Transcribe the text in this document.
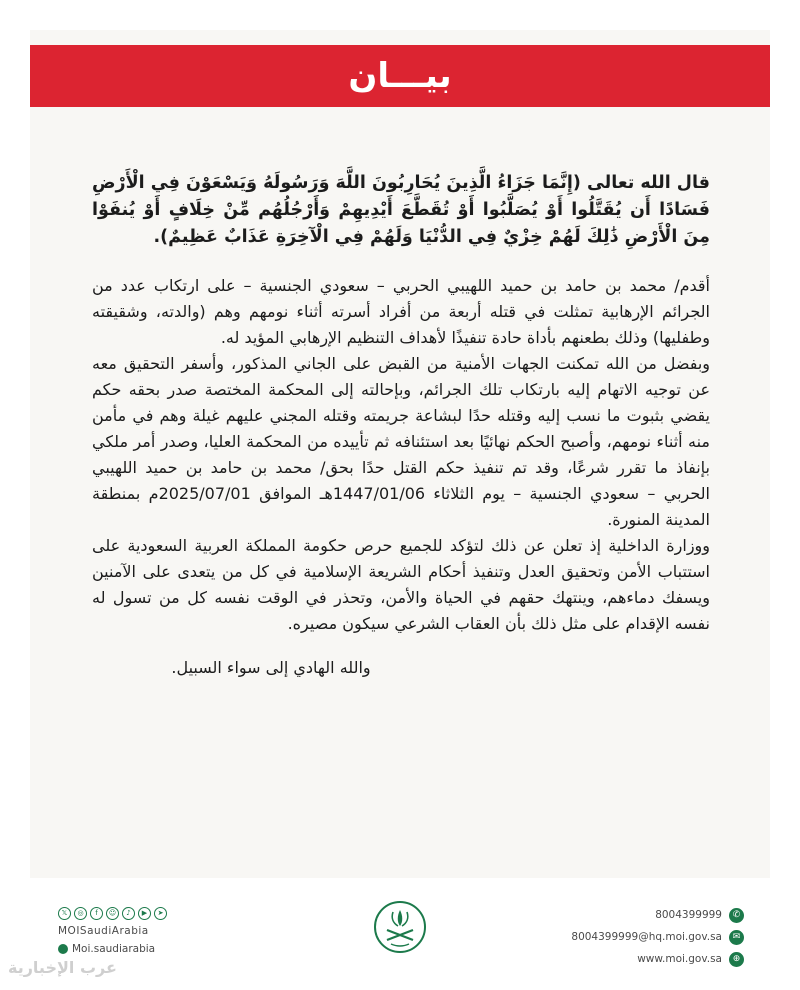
بيـــان

قال الله تعالى (إِنَّمَا جَزَاءُ الَّذِينَ يُحَارِبُونَ اللَّهَ وَرَسُولَهُ وَيَسْعَوْنَ فِي الْأَرْضِ فَسَادًا أَن يُقَتَّلُوا أَوْ يُصَلَّبُوا أَوْ تُقَطَّعَ أَيْدِيهِمْ وَأَرْجُلُهُم مِّنْ خِلَافٍ أَوْ يُنفَوْا مِنَ الْأَرْضِ ذَٰلِكَ لَهُمْ خِزْيٌ فِي الدُّنْيَا وَلَهُمْ فِي الْآخِرَةِ عَذَابٌ عَظِيمٌ).

أقدم/ محمد بن حامد بن حميد اللهيبي الحربي – سعودي الجنسية – على ارتكاب عدد من الجرائم الإرهابية تمثلت في قتله أربعة من أفراد أسرته أثناء نومهم وهم (والدته، وشقيقته وطفليها) وذلك بطعنهم بأداة حادة تنفيذًا لأهداف التنظيم الإرهابي المؤيد له.

وبفضل من الله تمكنت الجهات الأمنية من القبض على الجاني المذكور، وأسفر التحقيق معه عن توجيه الاتهام إليه بارتكاب تلك الجرائم، وبإحالته إلى المحكمة المختصة صدر بحقه حكم يقضي بثبوت ما نسب إليه وقتله حدًا لبشاعة جريمته وقتله المجني عليهم غيلة وهم في مأمن منه أثناء نومهم، وأصبح الحكم نهائيًا بعد استئنافه ثم تأييده من المحكمة العليا، وصدر أمر ملكي بإنفاذ ما تقرر شرعًا، وقد تم تنفيذ حكم القتل حدًا بحق/ محمد بن حامد بن حميد اللهيبي الحربي – سعودي الجنسية – يوم الثلاثاء 1447/01/06هـ الموافق 2025/07/01م بمنطقة المدينة المنورة.

ووزارة الداخلية إذ تعلن عن ذلك لتؤكد للجميع حرص حكومة المملكة العربية السعودية على استتباب الأمن وتحقيق العدل وتنفيذ أحكام الشريعة الإسلامية في كل من يتعدى على الآمنين ويسفك دماءهم، وينتهك حقهم في الحياة والأمن، وتحذر في الوقت نفسه كل من تسول له نفسه الإقدام على مثل ذلك بأن العقاب الشرعي سيكون مصيره.

والله الهادي إلى سواء السبيل.

𝕏	◎	f	☺	♪	▶	➤
MOISaudiArabia
Moi.saudiarabia
8004399999	✆
8004399999@hq.moi.gov.sa	✉
www.moi.gov.sa	⊕
عرب الإخبارية
